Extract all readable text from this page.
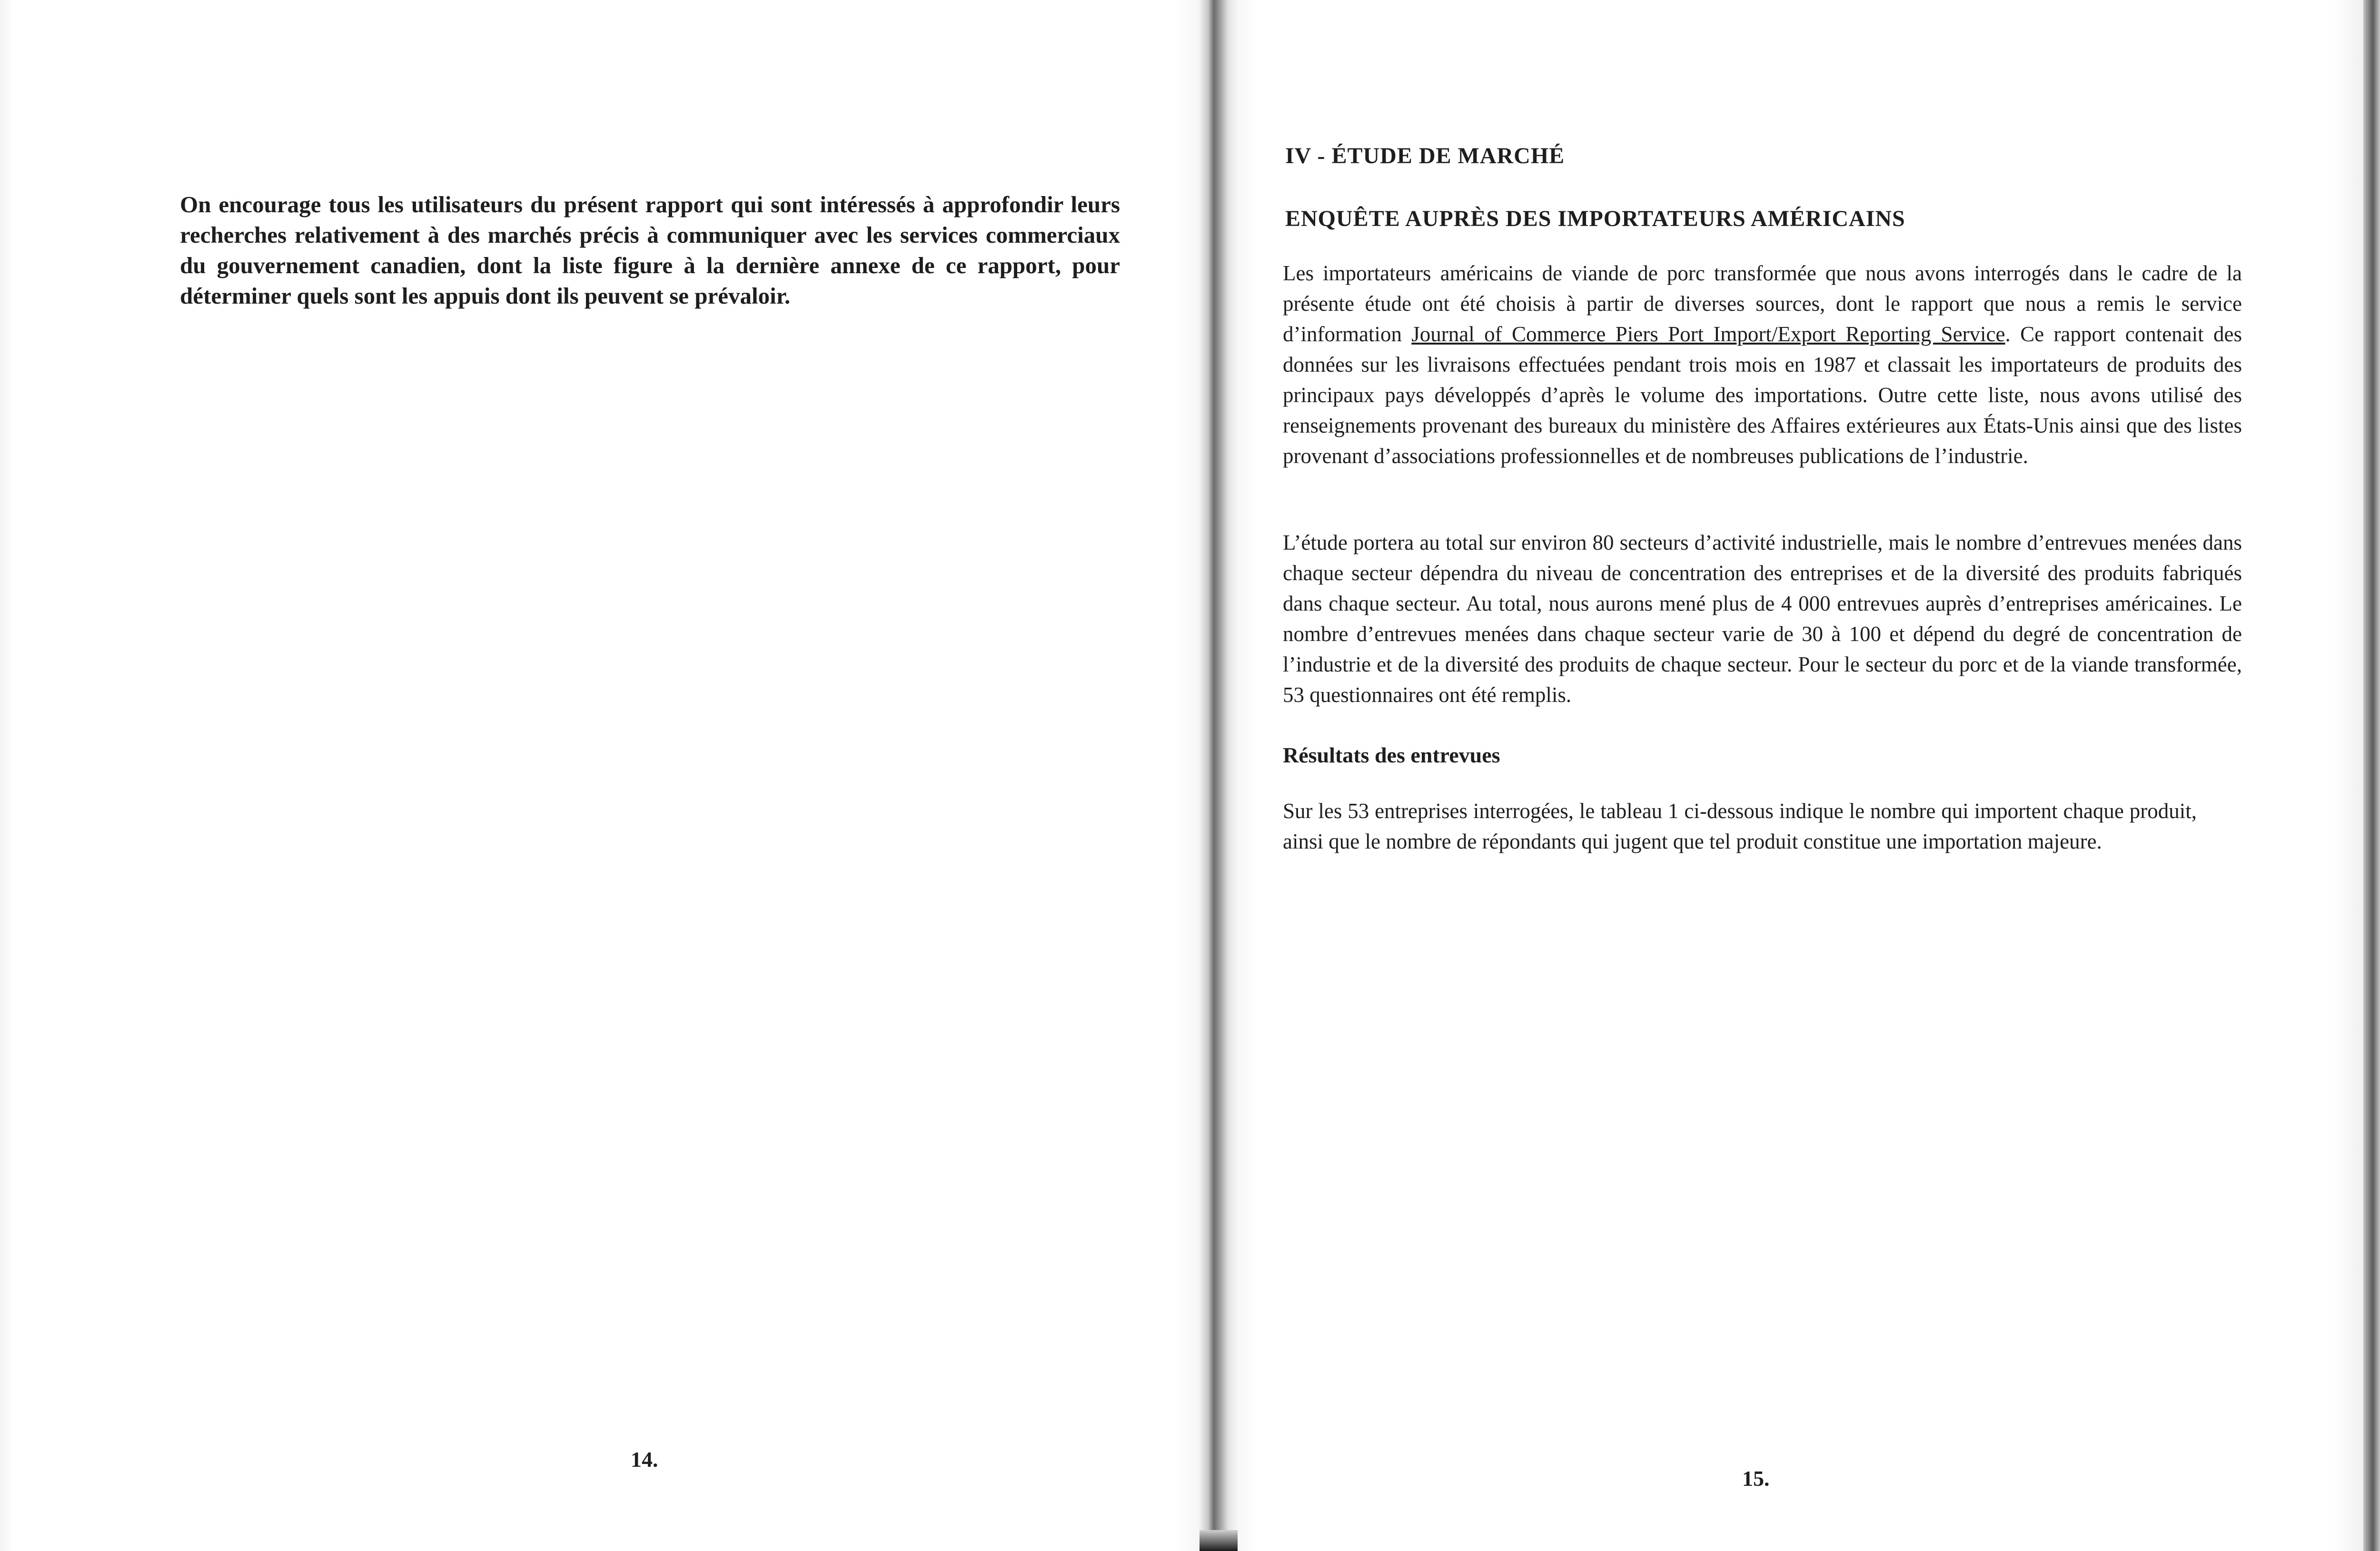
On encourage tous les utilisateurs du présent rapport qui sont intéressés à approfondir leurs recherches relativement à des marchés précis à communiquer avec les services commerciaux du gouvernement canadien, dont la liste figure à la dernière annexe de ce rapport, pour déterminer quels sont les appuis dont ils peuvent se prévaloir.

14.
IV - ÉTUDE DE MARCHÉ
ENQUÊTE AUPRÈS DES IMPORTATEURS AMÉRICAINS

Les importateurs américains de viande de porc transformée que nous avons interrogés dans le cadre de la présente étude ont été choisis à partir de diverses sources, dont le rapport que nous a remis le service d’information Journal of Commerce Piers Port Import/Export Reporting Service. Ce rapport contenait des données sur les livraisons effectuées pendant trois mois en 1987 et classait les importateurs de produits des principaux pays développés d’après le volume des importations. Outre cette liste, nous avons utilisé des renseignements provenant des bureaux du ministère des Affaires extérieures aux États-Unis ainsi que des listes provenant d’associations professionnelles et de nombreuses publications de l’industrie.

L’étude portera au total sur environ 80 secteurs d’activité industrielle, mais le nombre d’entrevues menées dans chaque secteur dépendra du niveau de concentration des entreprises et de la diversité des produits fabriqués dans chaque secteur. Au total, nous aurons mené plus de 4 000 entrevues auprès d’entreprises américaines. Le nombre d’entrevues menées dans chaque secteur varie de 30 à 100 et dépend du degré de concentration de l’industrie et de la diversité des produits de chaque secteur. Pour le secteur du porc et de la viande transformée, 53 questionnaires ont été remplis.

Résultats des entrevues

Sur les 53 entreprises interrogées, le tableau 1 ci-dessous indique le nombre qui importent chaque produit, ainsi que le nombre de répondants qui jugent que tel produit constitue une importation majeure.

15.
